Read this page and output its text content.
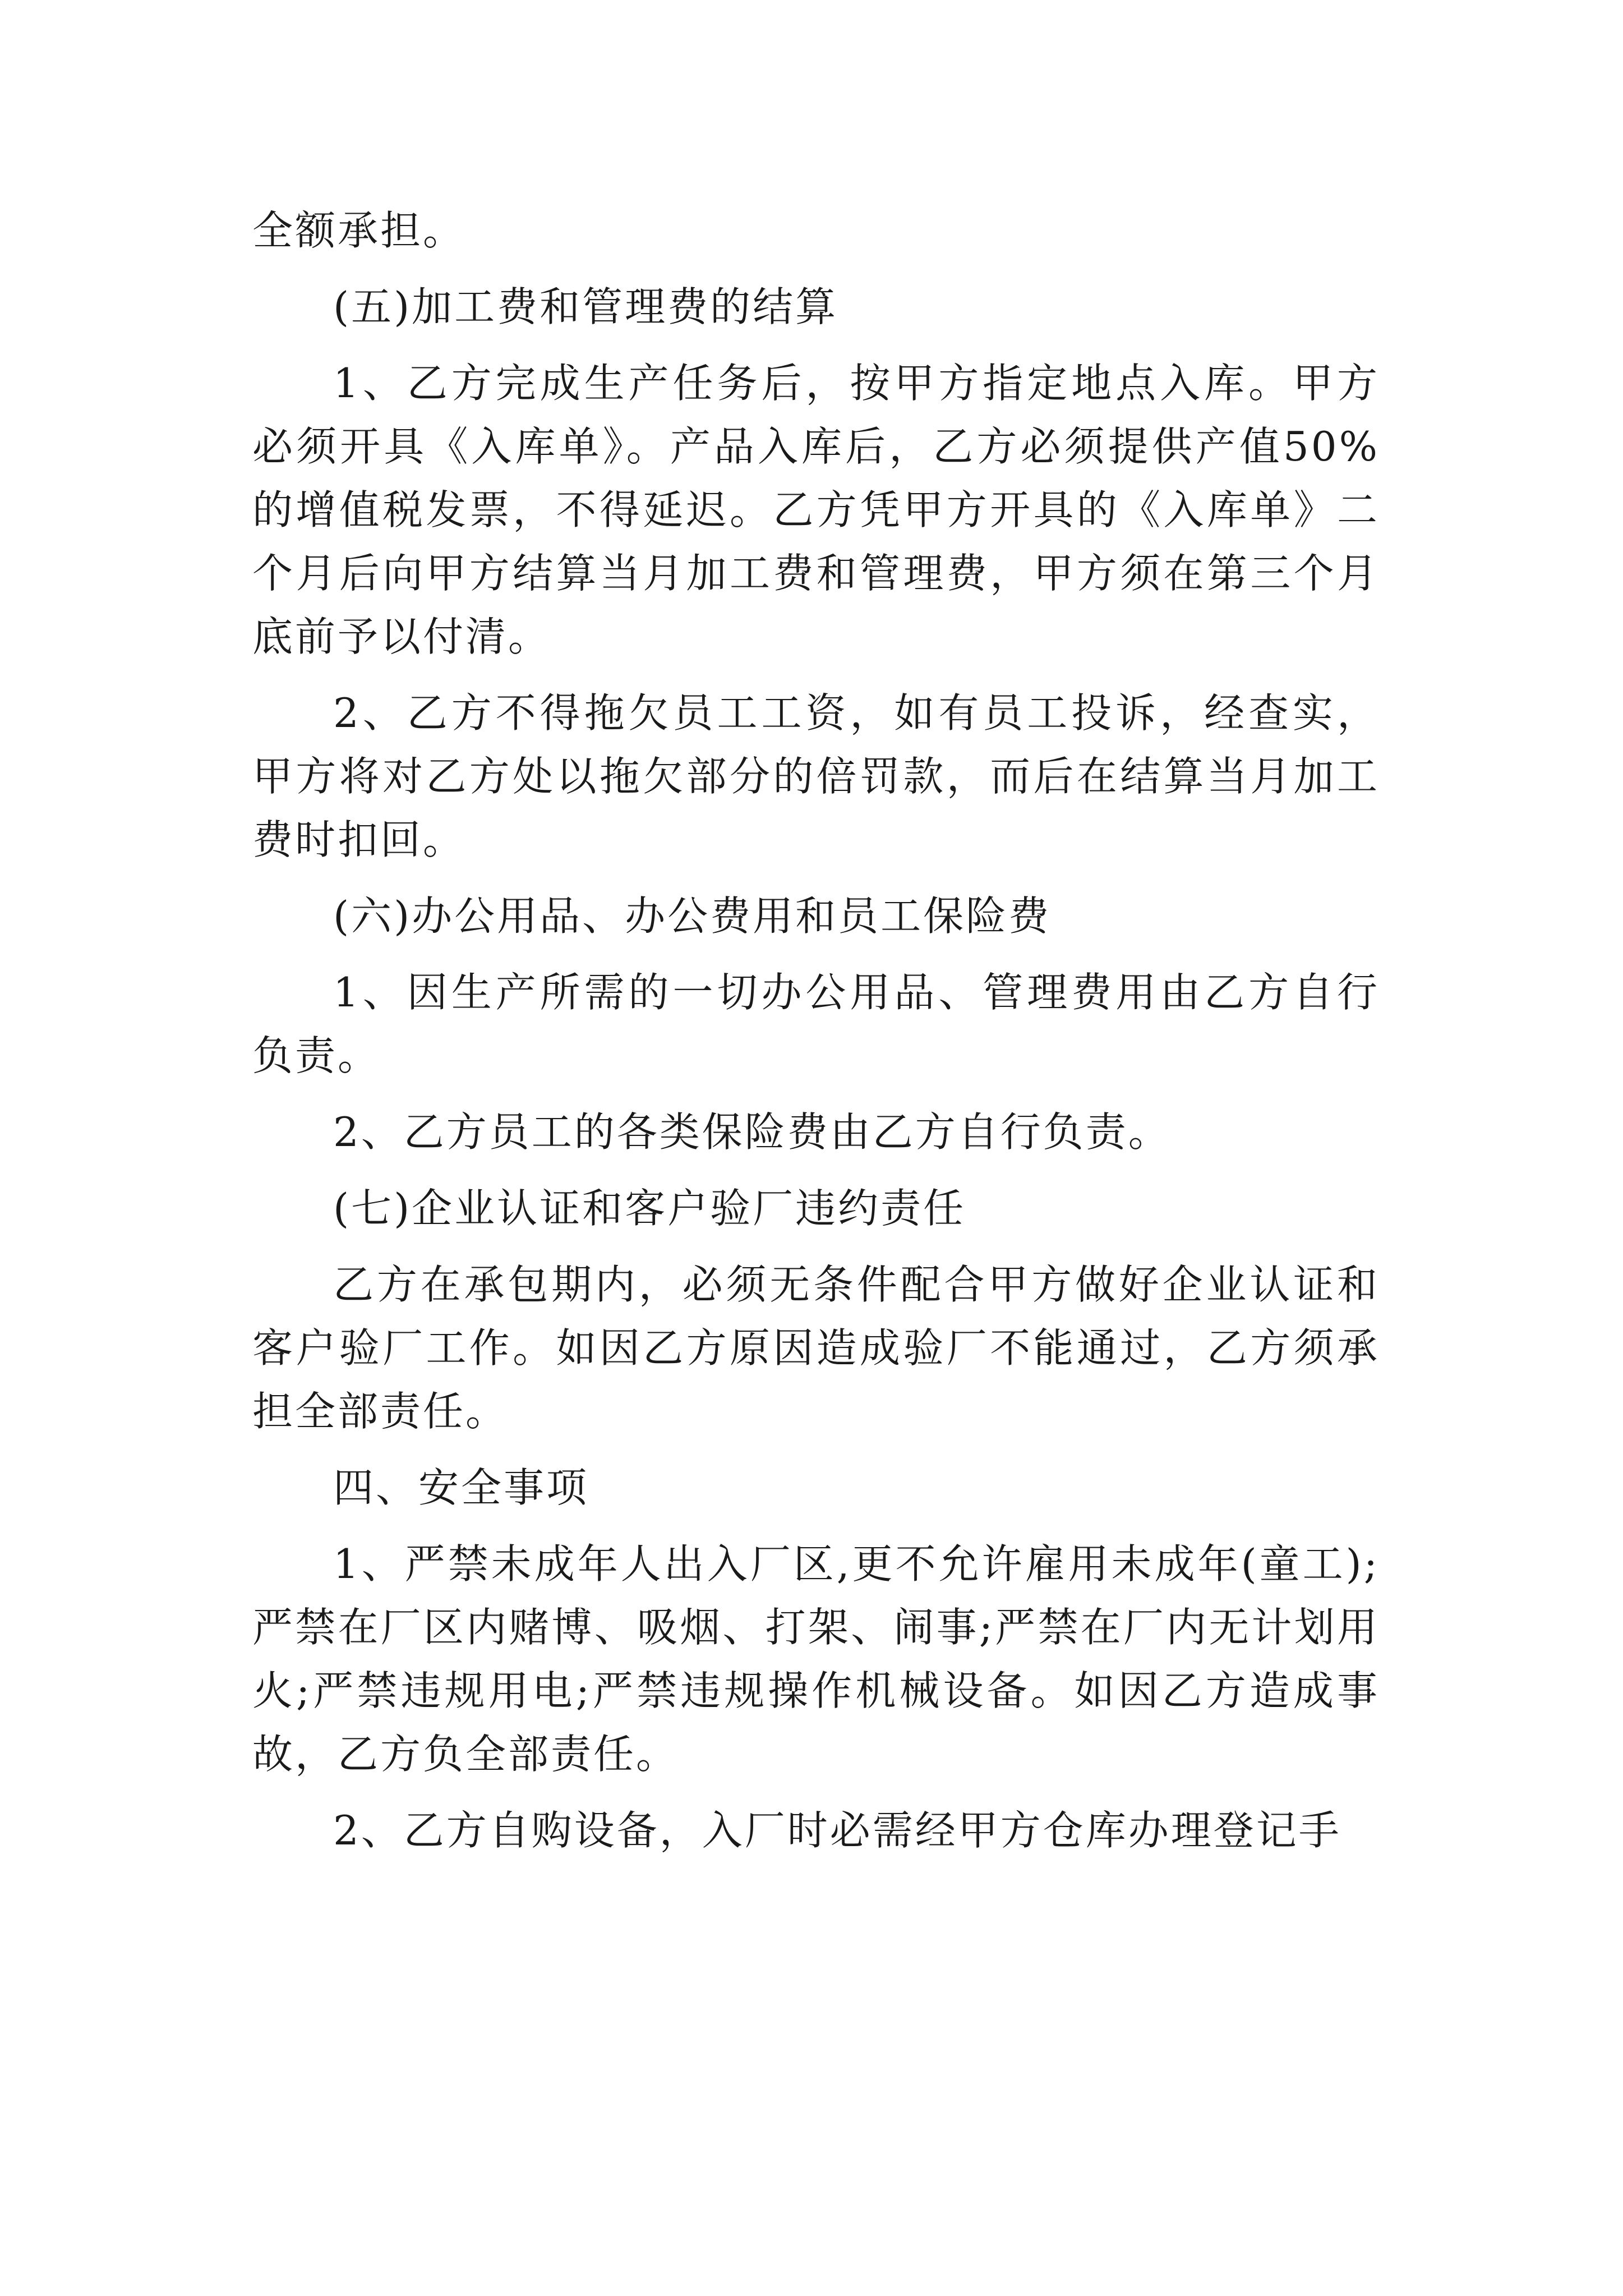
全额承担。

(五)加工费和管理费的结算

1、乙方完成生产任务后，按甲方指定地点入库。甲方必须开具《入库单》。产品入库后，乙方必须提供产值50%的增值税发票，不得延迟。乙方凭甲方开具的《入库单》二个月后向甲方结算当月加工费和管理费，甲方须在第三个月底前予以付清。

2、乙方不得拖欠员工工资，如有员工投诉，经查实，甲方将对乙方处以拖欠部分的倍罚款，而后在结算当月加工费时扣回。

(六)办公用品、办公费用和员工保险费

1、因生产所需的一切办公用品、管理费用由乙方自行负责。

2、乙方员工的各类保险费由乙方自行负责。

(七)企业认证和客户验厂违约责任

乙方在承包期内，必须无条件配合甲方做好企业认证和客户验厂工作。如因乙方原因造成验厂不能通过，乙方须承担全部责任。

四、安全事项

1、严禁未成年人出入厂区,更不允许雇用未成年(童工);严禁在厂区内赌博、吸烟、打架、闹事;严禁在厂内无计划用火;严禁违规用电;严禁违规操作机械设备。如因乙方造成事故，乙方负全部责任。

2、乙方自购设备，入厂时必需经甲方仓库办理登记手
